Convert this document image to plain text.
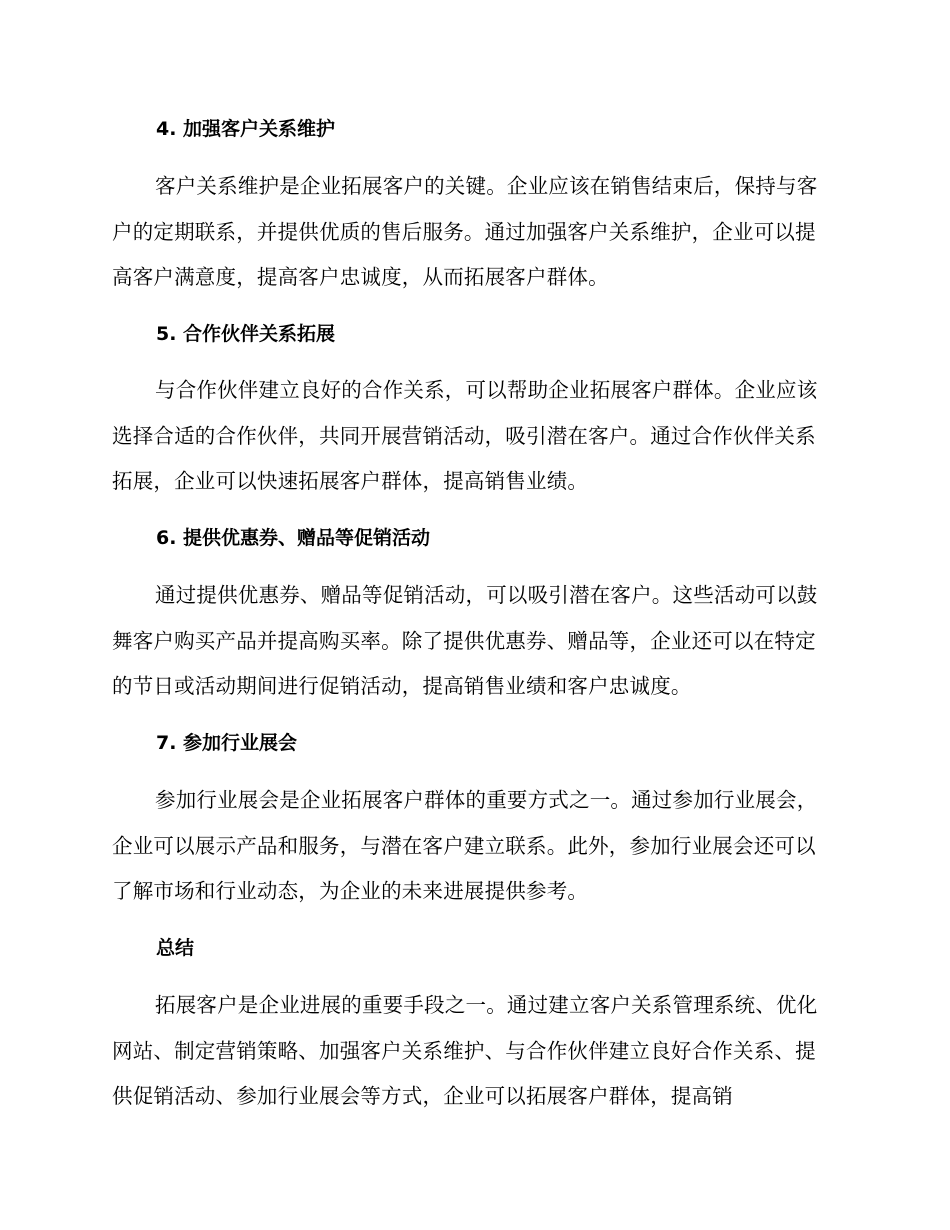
4. 加强客户关系维护
客户关系维护是企业拓展客户的关键。企业应该在销售结束后，保持与客户的定期联系，并提供优质的售后服务。通过加强客户关系维护，企业可以提高客户满意度，提高客户忠诚度，从而拓展客户群体。
5. 合作伙伴关系拓展
与合作伙伴建立良好的合作关系，可以帮助企业拓展客户群体。企业应该选择合适的合作伙伴，共同开展营销活动，吸引潜在客户。通过合作伙伴关系拓展，企业可以快速拓展客户群体，提高销售业绩。
6. 提供优惠券、赠品等促销活动
通过提供优惠券、赠品等促销活动，可以吸引潜在客户。这些活动可以鼓舞客户购买产品并提高购买率。除了提供优惠券、赠品等，企业还可以在特定的节日或活动期间进行促销活动，提高销售业绩和客户忠诚度。
7. 参加行业展会
参加行业展会是企业拓展客户群体的重要方式之一。通过参加行业展会，企业可以展示产品和服务，与潜在客户建立联系。此外，参加行业展会还可以了解市场和行业动态，为企业的未来进展提供参考。
总结
拓展客户是企业进展的重要手段之一。通过建立客户关系管理系统、优化网站、制定营销策略、加强客户关系维护、与合作伙伴建立良好合作关系、提供促销活动、参加行业展会等方式，企业可以拓展客户群体，提高销
